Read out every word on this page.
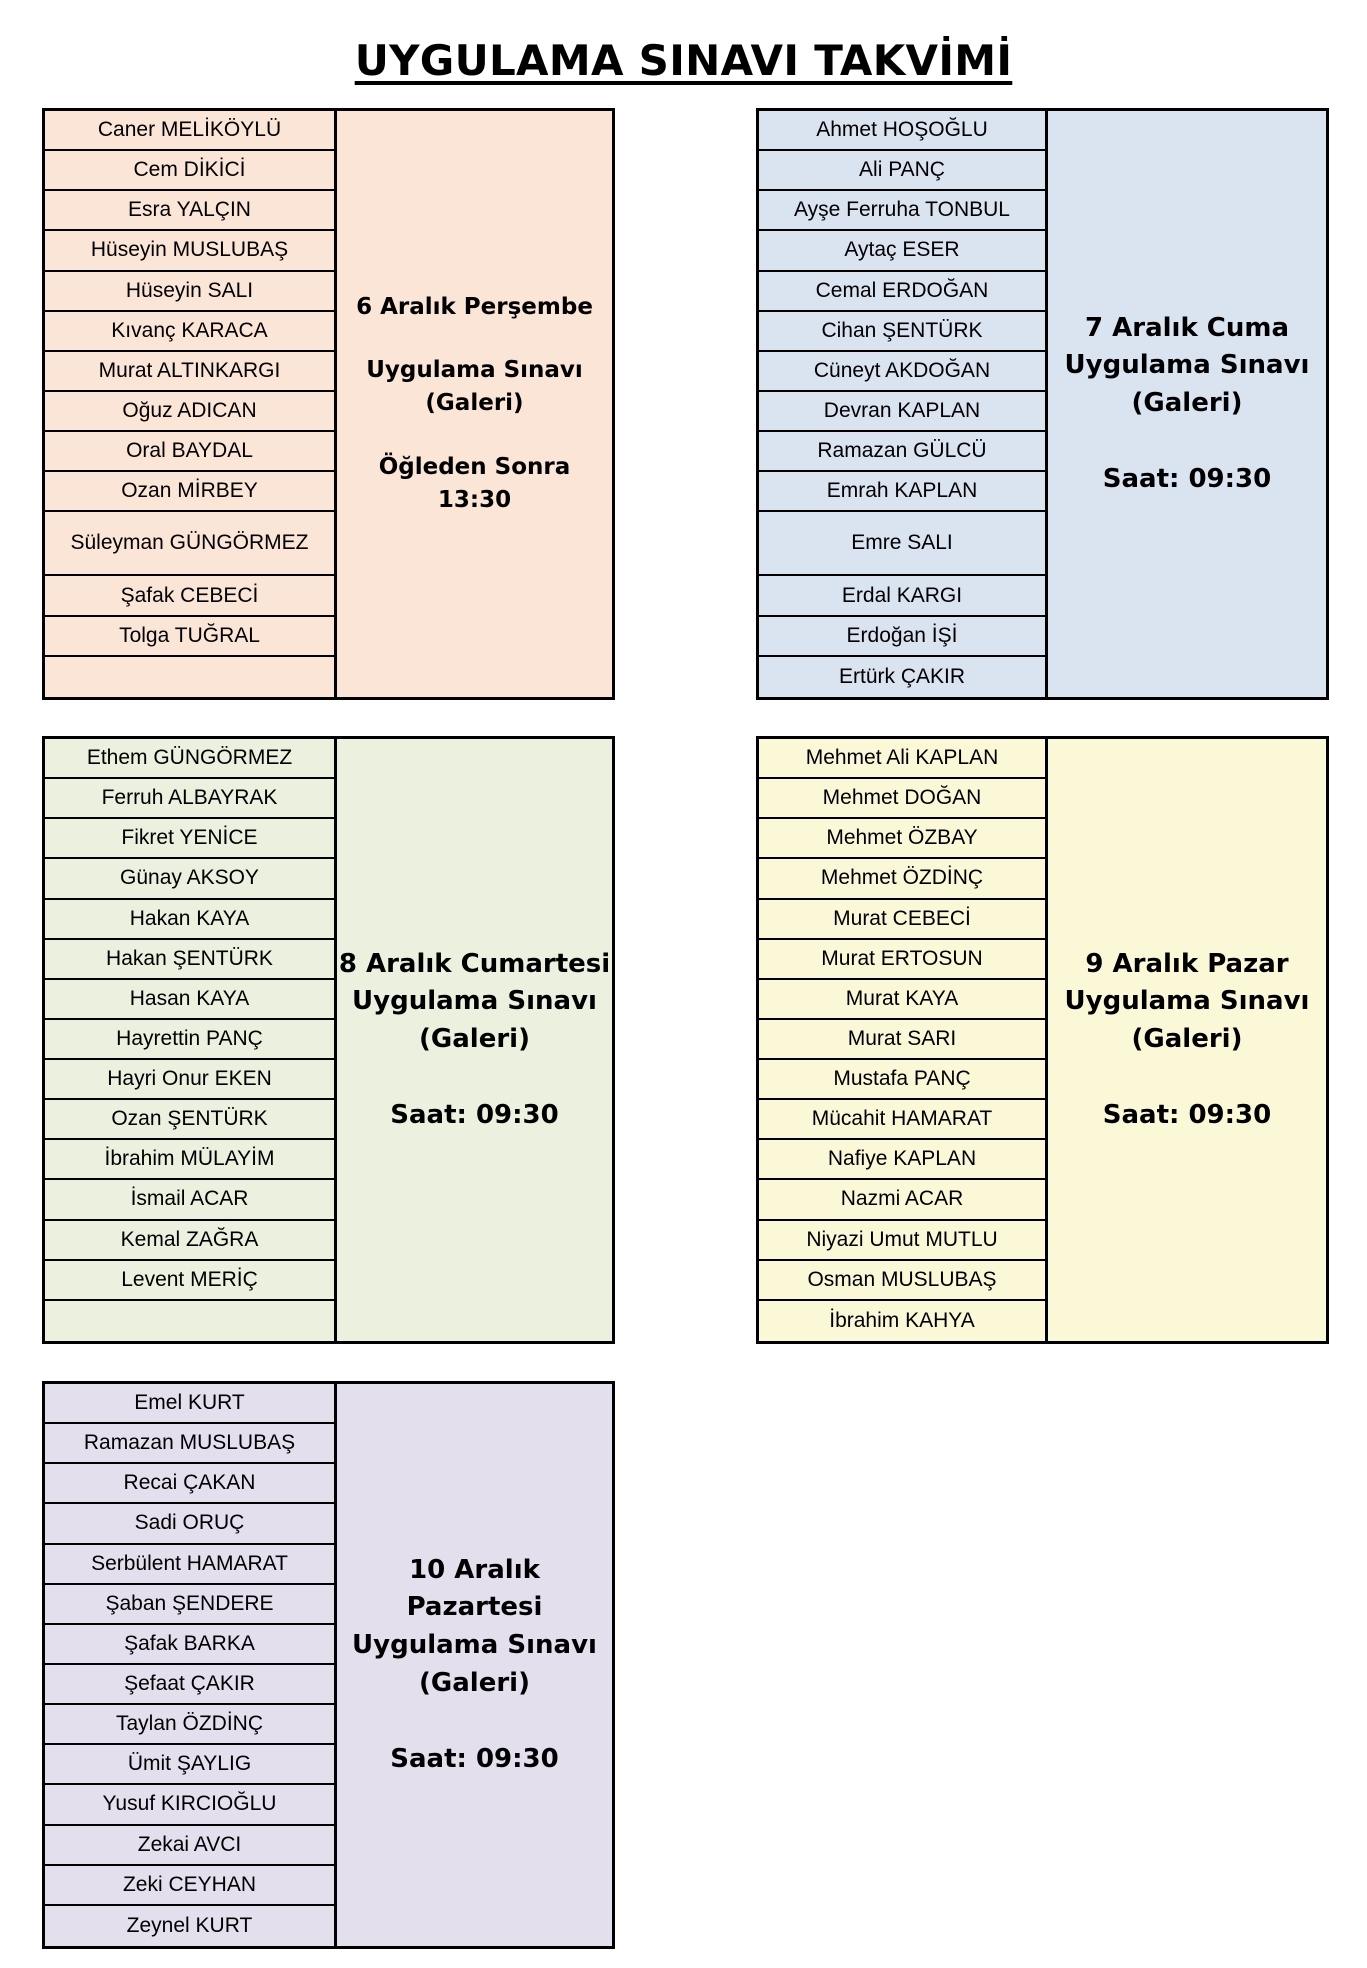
UYGULAMA SINAVI TAKVİMİ
Caner MELİKÖYLÜ
Cem DİKİCİ
Esra YALÇIN
Hüseyin MUSLUBAŞ
Hüseyin SALI
Kıvanç KARACA
Murat ALTINKARGI
Oğuz ADICAN
Oral BAYDAL
Ozan MİRBEY
Süleyman GÜNGÖRMEZ
Şafak CEBECİ
Tolga TUĞRAL
6 Aralık Perşembe
Uygulama Sınavı
(Galeri)
Öğleden Sonra
13:30
Ahmet HOŞOĞLU
Ali PANÇ
Ayşe Ferruha TONBUL
Aytaç ESER
Cemal ERDOĞAN
Cihan ŞENTÜRK
Cüneyt AKDOĞAN
Devran KAPLAN
Ramazan GÜLCÜ
Emrah KAPLAN
Emre SALI
Erdal KARGI
Erdoğan İŞİ
Ertürk ÇAKIR
7 Aralık Cuma
Uygulama Sınavı
(Galeri)
Saat: 09:30
Ethem GÜNGÖRMEZ
Ferruh ALBAYRAK
Fikret YENİCE
Günay AKSOY
Hakan KAYA
Hakan ŞENTÜRK
Hasan KAYA
Hayrettin PANÇ
Hayri Onur EKEN
Ozan ŞENTÜRK
İbrahim MÜLAYİM
İsmail ACAR
Kemal ZAĞRA
Levent MERİÇ
8 Aralık Cumartesi
Uygulama Sınavı
(Galeri)
Saat: 09:30
Mehmet Ali KAPLAN
Mehmet DOĞAN
Mehmet ÖZBAY
Mehmet ÖZDİNÇ
Murat CEBECİ
Murat ERTOSUN
Murat KAYA
Murat SARI
Mustafa PANÇ
Mücahit HAMARAT
Nafiye KAPLAN
Nazmi ACAR
Niyazi Umut MUTLU
Osman MUSLUBAŞ
İbrahim KAHYA
9 Aralık Pazar
Uygulama Sınavı
(Galeri)
Saat: 09:30
Emel KURT
Ramazan MUSLUBAŞ
Recai ÇAKAN
Sadi ORUÇ
Serbülent HAMARAT
Şaban ŞENDERE
Şafak BARKA
Şefaat ÇAKIR
Taylan ÖZDİNÇ
Ümit ŞAYLIG
Yusuf KIRCIOĞLU
Zekai AVCI
Zeki CEYHAN
Zeynel KURT
10 Aralık Pazartesi
Uygulama Sınavı
(Galeri)
Saat: 09:30
